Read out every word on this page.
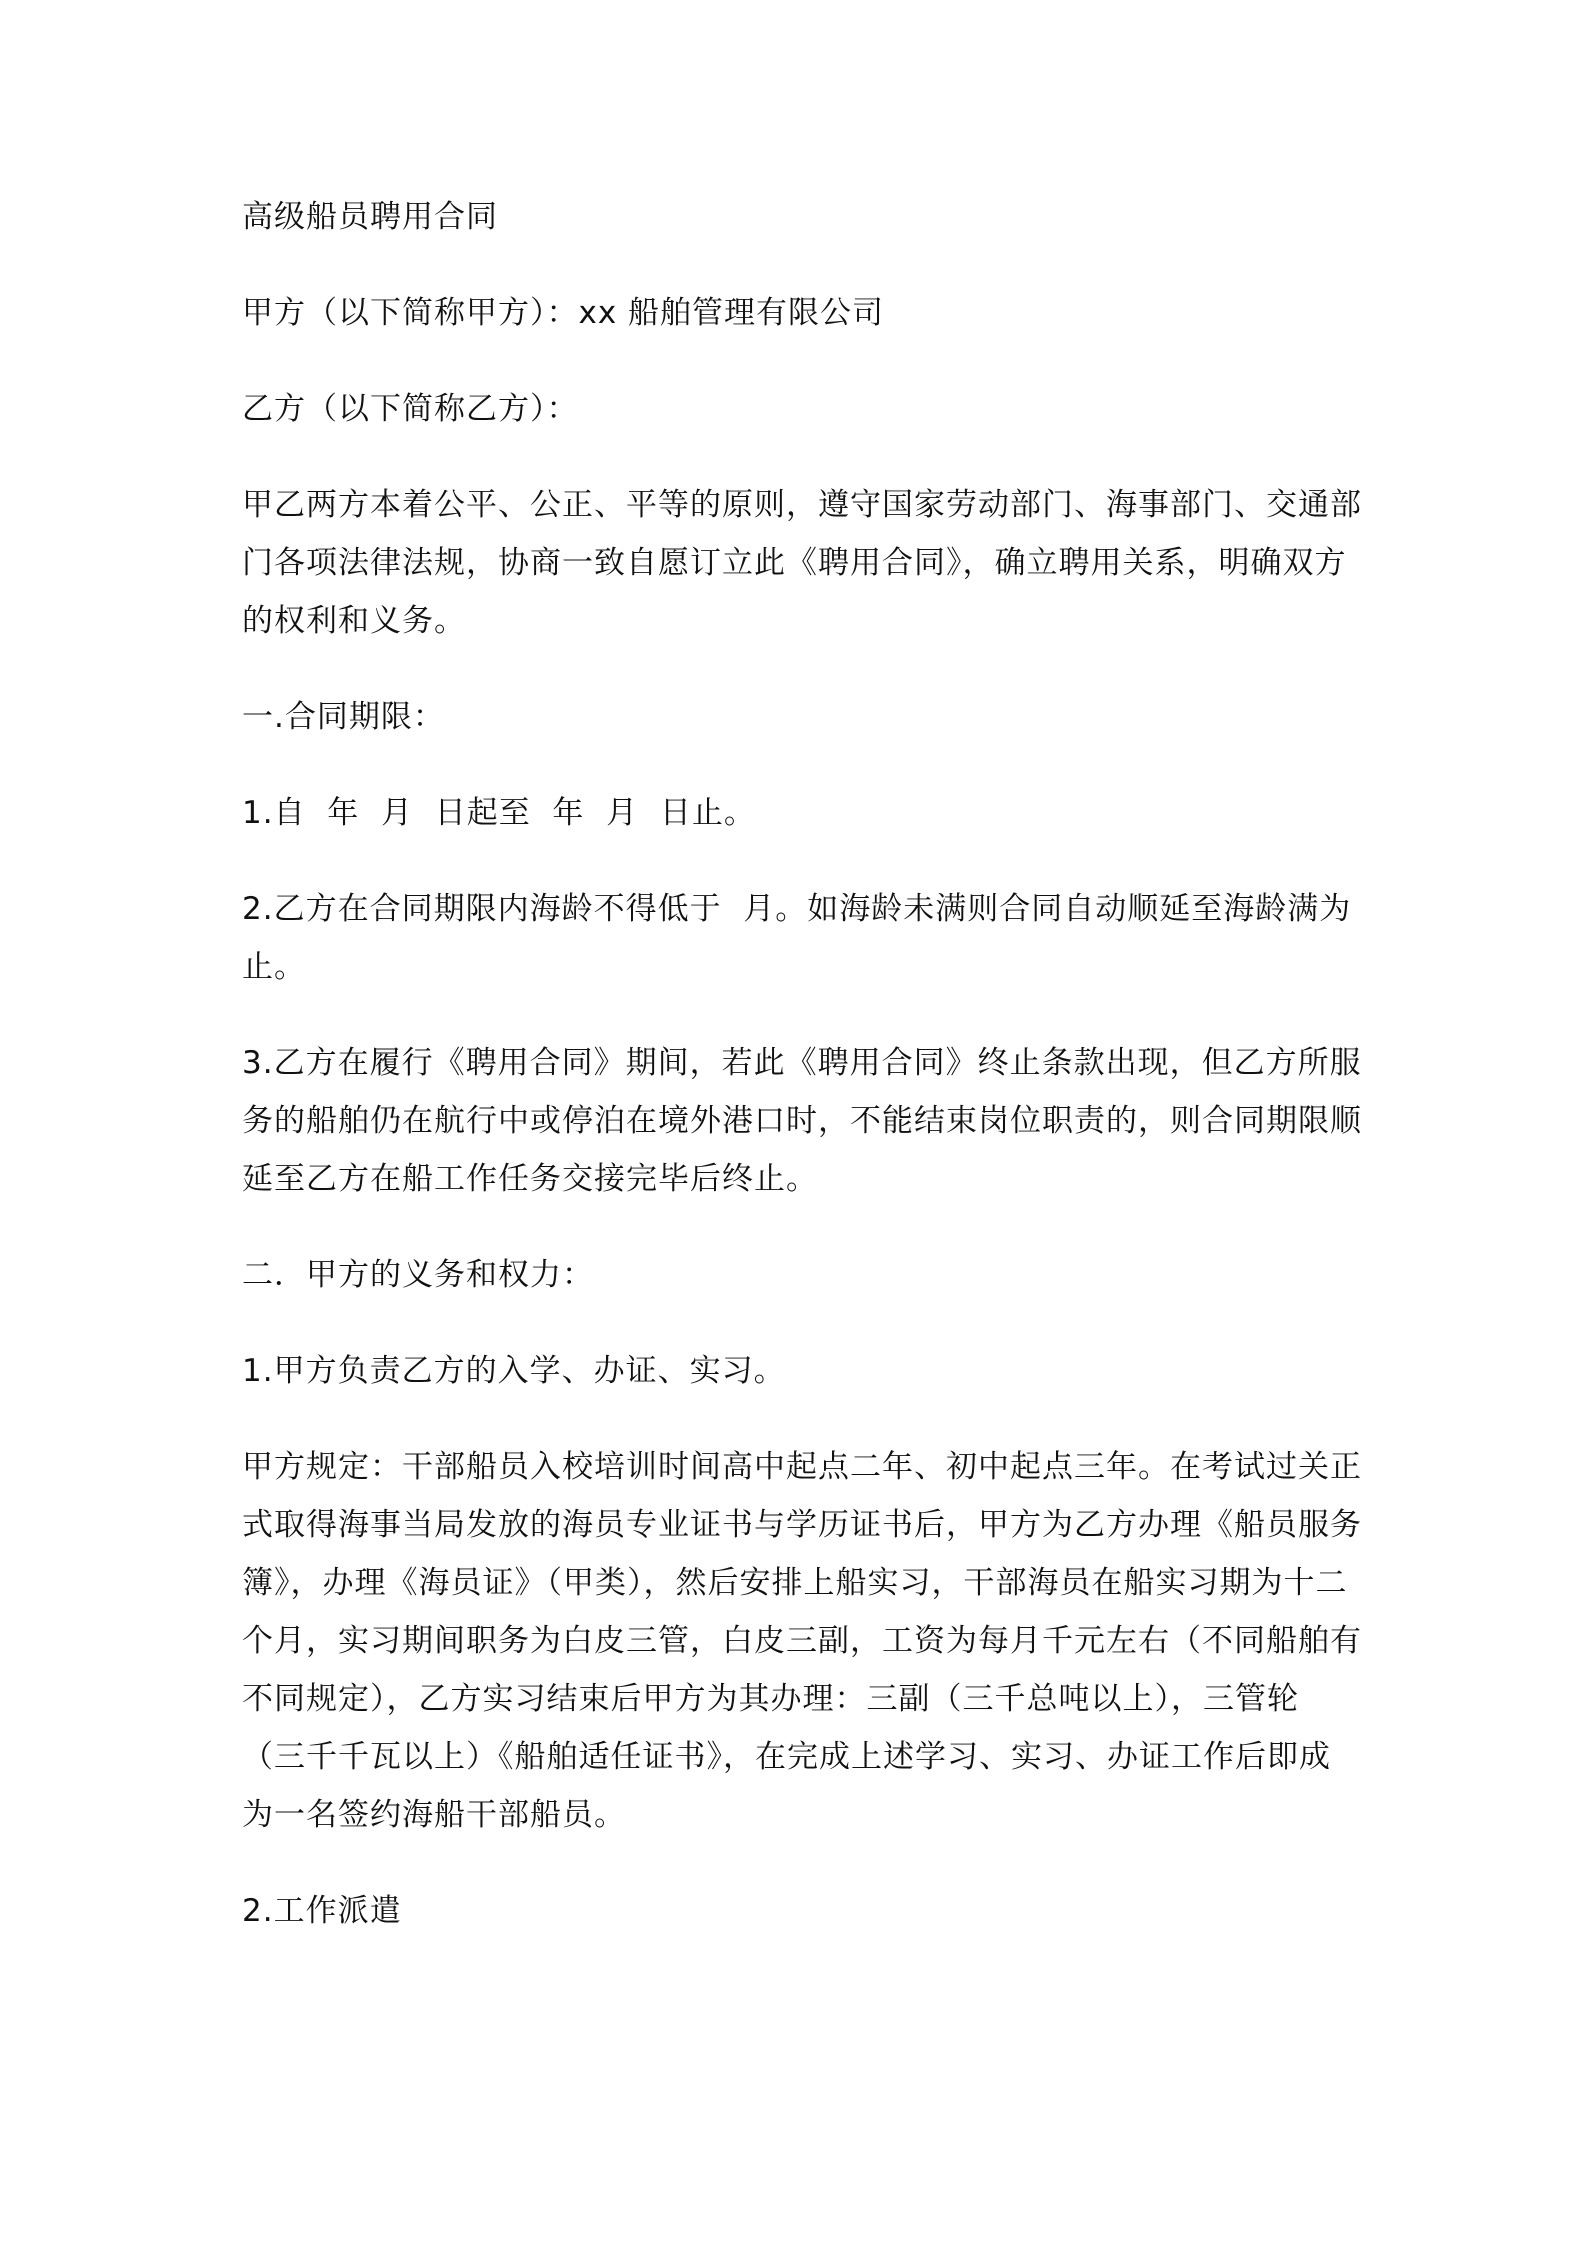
高级船员聘用合同

甲方（以下简称甲方）：xx 船舶管理有限公司

乙方（以下简称乙方）：

甲乙两方本着公平、公正、平等的原则，遵守国家劳动部门、海事部门、交通部门各项法律法规，协商一致自愿订立此《聘用合同》，确立聘用关系，明确双方的权利和义务。

一.合同期限：

1.自  年  月  日起至  年  月  日止。

2.乙方在合同期限内海龄不得低于  月。如海龄未满则合同自动顺延至海龄满为止。

3.乙方在履行《聘用合同》期间，若此《聘用合同》终止条款出现，但乙方所服务的船舶仍在航行中或停泊在境外港口时，不能结束岗位职责的，则合同期限顺延至乙方在船工作任务交接完毕后终止。

二．甲方的义务和权力：

1.甲方负责乙方的入学、办证、实习。

甲方规定：干部船员入校培训时间高中起点二年、初中起点三年。在考试过关正式取得海事当局发放的海员专业证书与学历证书后，甲方为乙方办理《船员服务簿》，办理《海员证》（甲类），然后安排上船实习，干部海员在船实习期为十二个月，实习期间职务为白皮三管，白皮三副，工资为每月千元左右（不同船舶有不同规定），乙方实习结束后甲方为其办理：三副（三千总吨以上），三管轮（三千千瓦以上）《船舶适任证书》，在完成上述学习、实习、办证工作后即成为一名签约海船干部船员。

2.工作派遣
